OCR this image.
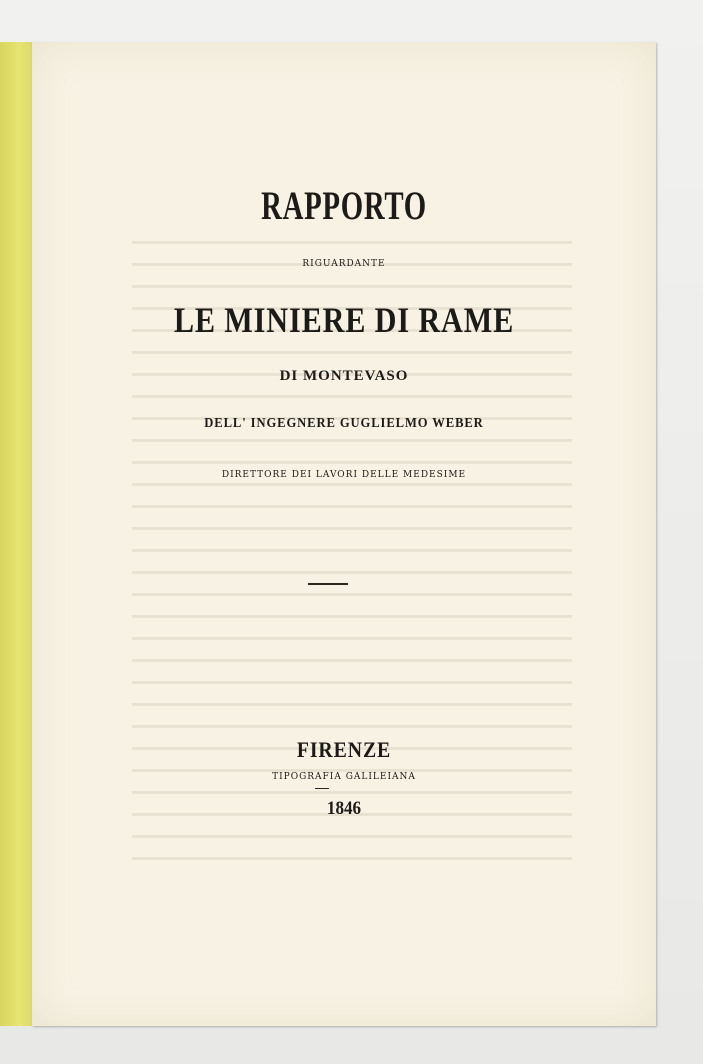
RAPPORTO
RIGUARDANTE
LE MINIERE DI RAME
DI MONTEVASO
DELL' INGEGNERE GUGLIELMO WEBER
DIRETTORE DEI LAVORI DELLE MEDESIME
FIRENZE
TIPOGRAFIA GALILEIANA
1846
